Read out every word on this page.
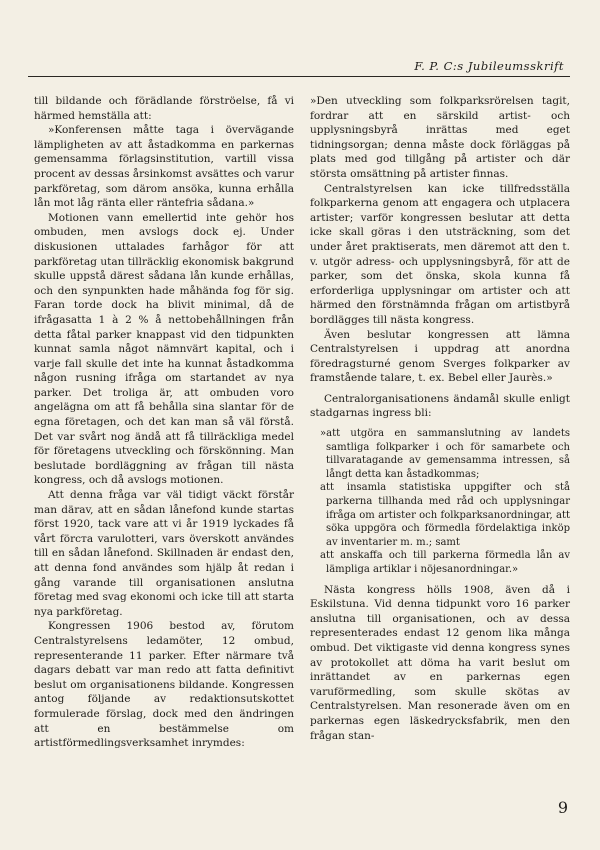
F. P. C:s Jubileumsskrift

till bildande och förädlande förströelse, få vi härmed hemställa att:

»Konferensen måtte taga i övervägande lämpligheten av att åstadkomma en parkernas gemensamma förlagsinstitution, vartill vissa procent av dessas årsinkomst avsättes och varur parkföretag, som därom ansöka, kunna erhålla lån mot låg ränta eller räntefria sådana.»

Motionen vann emellertid inte gehör hos ombuden, men avslogs dock ej. Under diskusionen uttalades farhågor för att parkföretag utan tillräcklig ekonomisk bakgrund skulle uppstå därest sådana lån kunde erhållas, och den synpunkten hade måhända fog för sig. Faran torde dock ha blivit minimal, då de ifrågasatta 1 à 2 % å nettobehållningen från detta fåtal parker knappast vid den tidpunkten kunnat samla något nämnvärt kapital, och i varje fall skulle det inte ha kunnat åstadkomma någon rusning ifråga om startandet av nya parker. Det troliga är, att ombuden voro angelägna om att få behålla sina slantar för de egna företagen, och det kan man så väl förstå. Det var svårt nog ändå att få tillräckliga medel för företagens utveckling och förskönning. Man beslutade bordläggning av frågan till nästa kongress, och då avslogs motionen.

Att denna fråga var väl tidigt väckt förstår man därav, att en sådan lånefond kunde startas först 1920, tack vare att vi år 1919 lyckades få vårt förста varulotteri, vars överskott användes till en sådan lånefond. Skillnaden är endast den, att denna fond användes som hjälp åt redan i gång varande till organisationen anslutna företag med svag ekonomi och icke till att starta nya parkföretag.

Kongressen 1906 bestod av, förutom Centralstyrelsens ledamöter, 12 ombud, representerande 11 parker. Efter närmare två dagars debatt var man redo att fatta definitivt beslut om organisationens bildande. Kongressen antog följande av redaktionsutskottet formulerade förslag, dock med den ändringen att en bestämmelse om artistförmedlingsverksamhet inrymdes:

»Den utveckling som folkparksrörelsen tagit, fordrar att en särskild artist- och upplysningsbyrå inrättas med eget tidningsorgan; denna måste dock förläggas på plats med god tillgång på artister och där största omsättning på artister finnas.

Centralstyrelsen kan icke tillfredsställa folkparkerna genom att engagera och utplacera artister; varför kongressen beslutar att detta icke skall göras i den utsträckning, som det under året praktiserats, men däremot att den t. v. utgör adress- och upplysningsbyrå, för att de parker, som det önska, skola kunna få erforderliga upplysningar om artister och att härmed den förstnämnda frågan om artistbyrå bordlägges till nästa kongress.

Även beslutar kongressen att lämna Centralstyrelsen i uppdrag att anordna föredragsturné genom Sverges folkparker av framstående talare, t. ex. Bebel eller Jaurès.»

Centralorganisationens ändamål skulle enligt stadgarnas ingress bli:

»att utgöra en sammanslutning av landets samtliga folkparker i och för samarbete och tillvaratagande av gemensamma intressen, så långt detta kan åstadkommas;

att insamla statistiska uppgifter och stå parkerna tillhanda med råd och upplysningar ifråga om artister och folkparksanordningar, att söka uppgöra och förmedla fördelaktiga inköp av inventarier m. m.; samt

att anskaffa och till parkerna förmedla lån av lämpliga artiklar i nöjesanordningar.»

Nästa kongress hölls 1908, även då i Eskilstuna. Vid denna tidpunkt voro 16 parker anslutna till organisationen, och av dessa representerades endast 12 genom lika många ombud. Det viktigaste vid denna kongress synes av protokollet att döma ha varit beslut om inrättandet av en parkernas egen varuförmedling, som skulle skötas av Centralstyrelsen. Man resonerade även om en parkernas egen läskedrycksfabrik, men den frågan stan-

9
